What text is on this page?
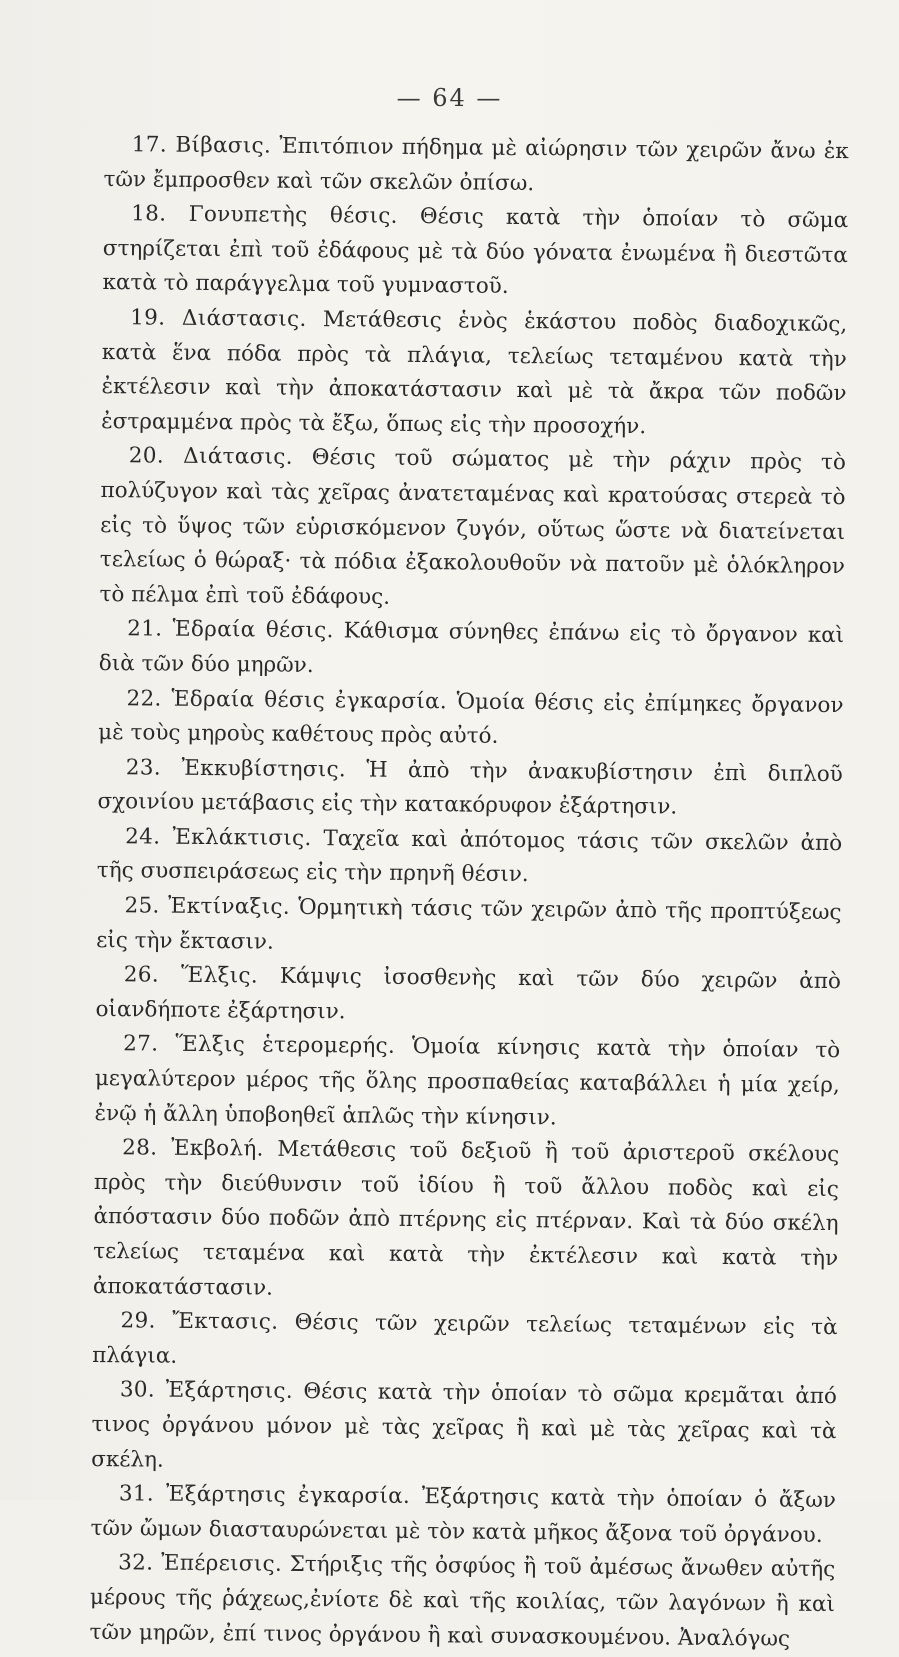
— 64 —

17. Βίβασις. Ἐπιτόπιον πήδημα μὲ αἰώρησιν τῶν χειρῶν ἄνω ἐκ τῶν ἔμπροσθεν καὶ τῶν σκελῶν ὀπίσω.

18. Γονυπετὴς θέσις. Θέσις κατὰ τὴν ὁποίαν τὸ σῶμα στηρίζεται ἐπὶ τοῦ ἐδάφους μὲ τὰ δύο γόνατα ἐνωμένα ἢ διεστῶτα κατὰ τὸ παράγγελμα τοῦ γυμναστοῦ.

19. Διάστασις. Μετάθεσις ἑνὸς ἑκάστου ποδὸς διαδοχικῶς, κατὰ ἕνα πόδα πρὸς τὰ πλάγια, τελείως τεταμένου κατὰ τὴν ἐκτέλεσιν καὶ τὴν ἀποκατάστασιν καὶ μὲ τὰ ἄκρα τῶν ποδῶν ἐστραμμένα πρὸς τὰ ἔξω, ὅπως εἰς τὴν προσοχήν.

20. Διάτασις. Θέσις τοῦ σώματος μὲ τὴν ράχιν πρὸς τὸ πολύζυγον καὶ τὰς χεῖρας ἀνατεταμένας καὶ κρατούσας στερεὰ τὸ εἰς τὸ ὕψος τῶν εὑρισκόμενον ζυγόν, οὕτως ὥστε νὰ διατείνεται τελείως ὁ θώραξ· τὰ πόδια ἐξακολουθοῦν νὰ πατοῦν μὲ ὁλόκληρον τὸ πέλμα ἐπὶ τοῦ ἐδάφους.

21. Ἑδραία θέσις. Κάθισμα σύνηθες ἐπάνω εἰς τὸ ὄργανον καὶ διὰ τῶν δύο μηρῶν.

22. Ἑδραία θέσις ἐγκαρσία. Ὁμοία θέσις εἰς ἐπίμηκες ὄργανον μὲ τοὺς μηροὺς καθέτους πρὸς αὐτό.

23. Ἐκκυβίστησις. Ἡ ἀπὸ τὴν ἀνακυβίστησιν ἐπὶ διπλοῦ σχοινίου μετάβασις εἰς τὴν κατακόρυφον ἐξάρτησιν.

24. Ἐκλάκτισις. Ταχεῖα καὶ ἀπότομος τάσις τῶν σκελῶν ἀπὸ τῆς συσπειράσεως εἰς τὴν πρηνῆ θέσιν.

25. Ἐκτίναξις. Ὁρμητικὴ τάσις τῶν χειρῶν ἀπὸ τῆς προπτύξεως εἰς τὴν ἔκτασιν.

26. Ἕλξις. Κάμψις ἰσοσθενὴς καὶ τῶν δύο χειρῶν ἀπὸ οἱανδήποτε ἐξάρτησιν.

27. Ἕλξις ἑτερομερής. Ὁμοία κίνησις κατὰ τὴν ὁποίαν τὸ μεγαλύτερον μέρος τῆς ὅλης προσπαθείας καταβάλλει ἡ μία χείρ, ἐνῷ ἡ ἄλλη ὑποβοηθεῖ ἁπλῶς τὴν κίνησιν.

28. Ἐκβολή. Μετάθεσις τοῦ δεξιοῦ ἢ τοῦ ἀριστεροῦ σκέλους πρὸς τὴν διεύθυνσιν τοῦ ἰδίου ἢ τοῦ ἄλλου ποδὸς καὶ εἰς ἀπόστασιν δύο ποδῶν ἀπὸ πτέρνης εἰς πτέρναν. Καὶ τὰ δύο σκέλη τελείως τεταμένα καὶ κατὰ τὴν ἐκτέλεσιν καὶ κατὰ τὴν ἀποκατάστασιν.

29. Ἔκτασις. Θέσις τῶν χειρῶν τελείως τεταμένων εἰς τὰ πλάγια.

30. Ἐξάρτησις. Θέσις κατὰ τὴν ὁποίαν τὸ σῶμα κρεμᾶται ἀπό τινος ὀργάνου μόνον μὲ τὰς χεῖρας ἢ καὶ μὲ τὰς χεῖρας καὶ τὰ σκέλη.

31. Ἐξάρτησις ἐγκαρσία. Ἐξάρτησις κατὰ τὴν ὁποίαν ὁ ἄξων τῶν ὤμων διασταυρώνεται μὲ τὸν κατὰ μῆκος ἄξονα τοῦ ὀργάνου.

32. Ἐπέρεισις. Στήριξις τῆς ὀσφύος ἢ τοῦ ἀμέσως ἄνωθεν αὐτῆς μέρους τῆς ῥάχεως,ἐνίοτε δὲ καὶ τῆς κοιλίας, τῶν λαγόνων ἢ καὶ τῶν μηρῶν, ἐπί τινος ὀργάνου ἢ καὶ συνασκουμένου. Ἀναλόγως
